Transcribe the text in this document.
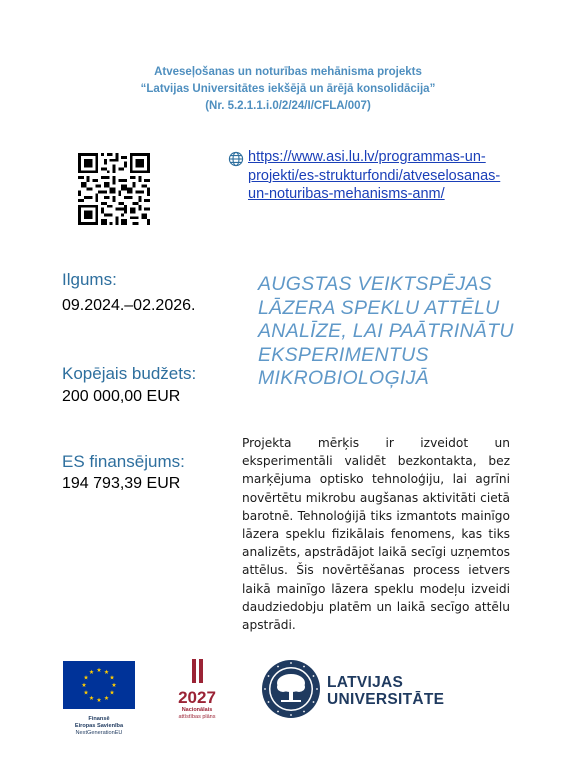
Atveseļošanas un noturības mehānisma projekts
“Latvijas Universitātes iekšējā un ārējā konsolidācija”
(Nr. 5.2.1.1.i.0/2/24/I/CFLA/007)
https://www.asi.lu.lv/programmas-un-
projekti/es-strukturfondi/atveselosanas-
un-noturibas-mehanisms-anm/
Ilgums:
09.2024.–02.2026.
Kopējais budžets:
200 000,00 EUR
ES finansējums:
194 793,39 EUR
AUGSTAS VEIKTSPĒJAS
LĀZERA SPEKLU ATTĒLU
ANALĪZE, LAI PAĀTRINĀTU
EKSPERIMENTUS
MIKROBIOLOĢIJĀ
Projekta mērķis ir izveidot un eksperimentāli validēt bezkontakta, bez marķējuma optisko tehnoloģiju, lai agrīni novērtētu mikrobu augšanas aktivitāti cietā barotnē. Tehnoloģijā tiks izmantots mainīgo lāzera speklu fizikālais fenomens, kas tiks analizēts, apstrādājot laikā secīgi uzņemtos attēlus. Šis novērtēšanas process ietvers laikā mainīgo lāzera speklu modeļu izveidi daudziedobju platēm un laikā secīgo attēlu apstrādi.
Finansē
Eiropas Savienība
NextGenerationEU
2027
Nacionālais
attīstības plāns
LATVIJAS
UNIVERSITĀTE
